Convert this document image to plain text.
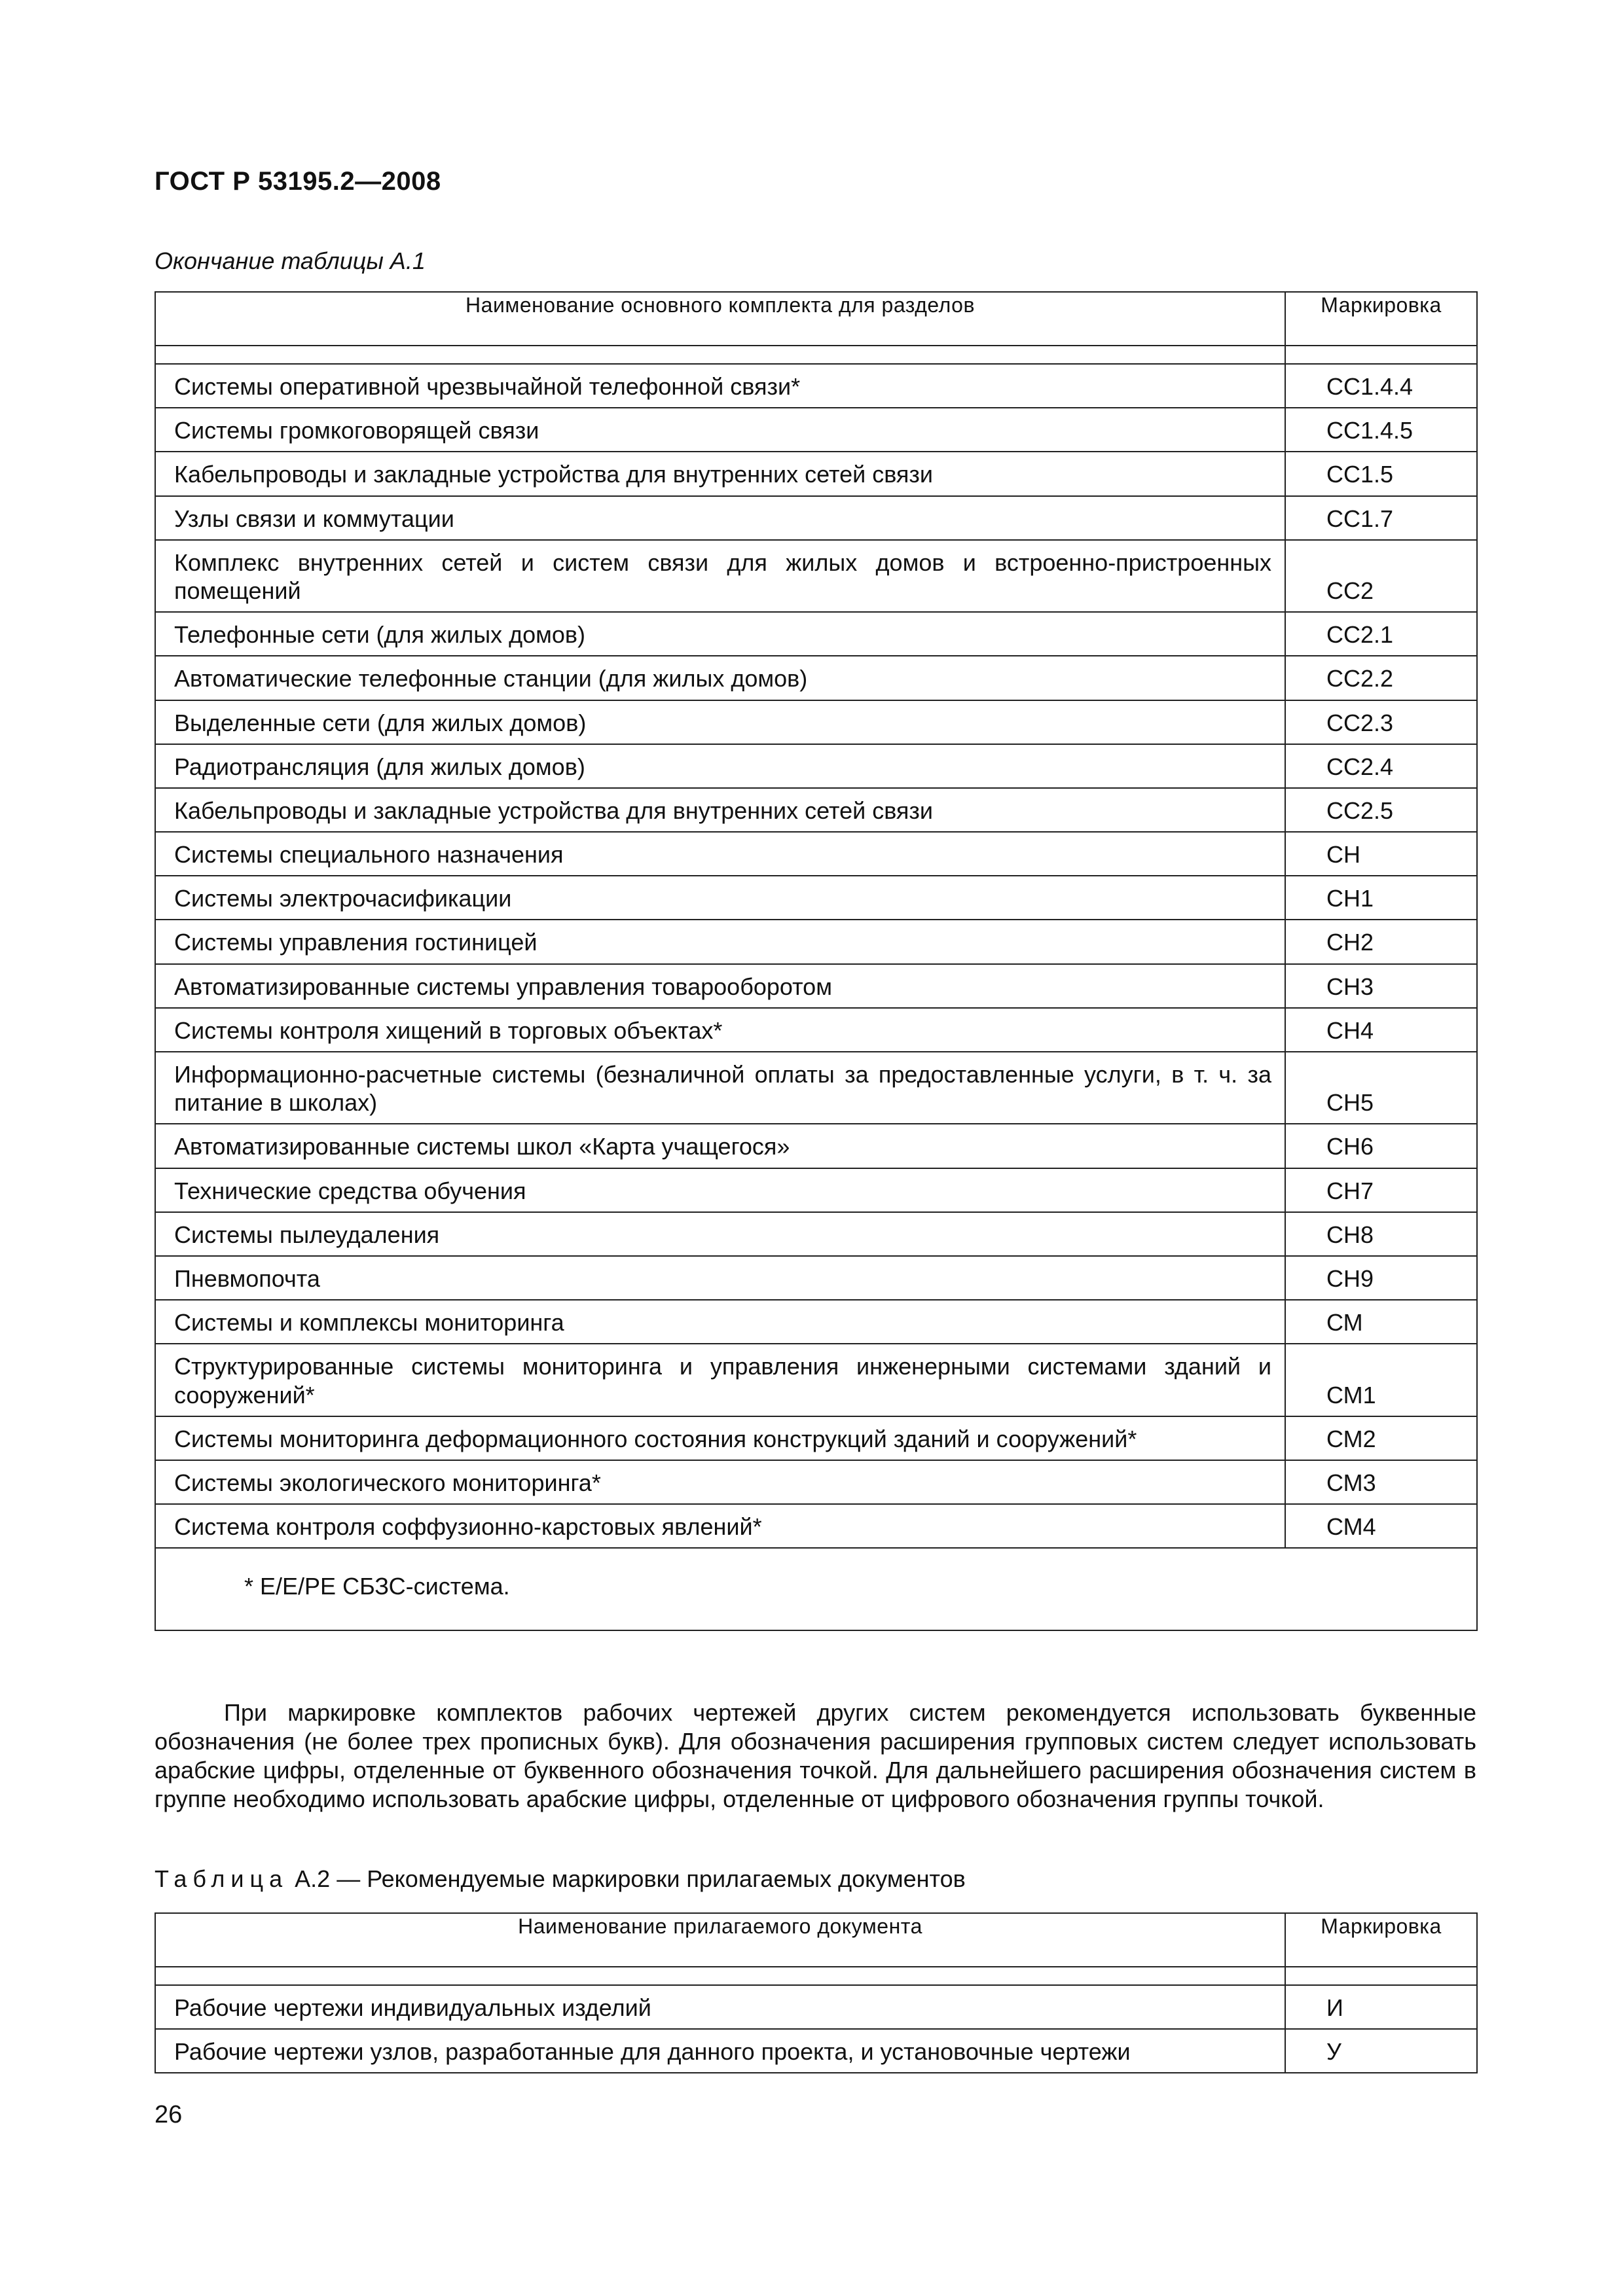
ГОСТ Р 53195.2—2008
Окончание таблицы А.1
Наименование основного комплекта для разделов	Маркировка

Системы оперативной чрезвычайной телефонной связи*	СС1.4.4
Системы громкоговорящей связи	СС1.4.5
Кабельпроводы и закладные устройства для внутренних сетей связи	СС1.5
Узлы связи и коммутации	СС1.7
Комплекс внутренних сетей и систем связи для жилых домов и встроенно-пристроенных помещений	СС2
Телефонные сети (для жилых домов)	СС2.1
Автоматические телефонные станции (для жилых домов)	СС2.2
Выделенные сети (для жилых домов)	СС2.3
Радиотрансляция (для жилых домов)	СС2.4
Кабельпроводы и закладные устройства для внутренних сетей связи	СС2.5
Системы специального назначения	СН
Системы электрочасификации	СН1
Системы управления гостиницей	СН2
Автоматизированные системы управления товарооборотом	СН3
Системы контроля хищений в торговых объектах*	СН4
Информационно-расчетные системы (безналичной оплаты за предоставленные услуги, в т. ч. за питание в школах)	СН5
Автоматизированные системы школ «Карта учащегося»	СН6
Технические средства обучения	СН7
Системы пылеудаления	СН8
Пневмопочта	СН9
Системы и комплексы мониторинга	СМ
Структурированные системы мониторинга и управления инженерными системами зданий и сооружений*	СМ1
Системы мониторинга деформационного состояния конструкций зданий и сооружений*	СМ2
Системы экологического мониторинга*	СМ3
Система контроля соффузионно-карстовых явлений*	СМ4
* Е/Е/РЕ СБЗС-система.	

При маркировке комплектов рабочих чертежей других систем рекомендуется использовать буквенные обозначения (не более трех прописных букв). Для обозначения расширения групповых систем следует использовать арабские цифры, отделенные от буквенного обозначения точкой. Для дальнейшего расширения обозначения систем в группе необходимо использовать арабские цифры, отделенные от цифрового обозначения группы точкой.

Таблица А.2 — Рекомендуемые маркировки прилагаемых документов
Наименование прилагаемого документа	Маркировка

Рабочие чертежи индивидуальных изделий	И
Рабочие чертежи узлов, разработанные для данного проекта, и установочные чертежи	У
26
